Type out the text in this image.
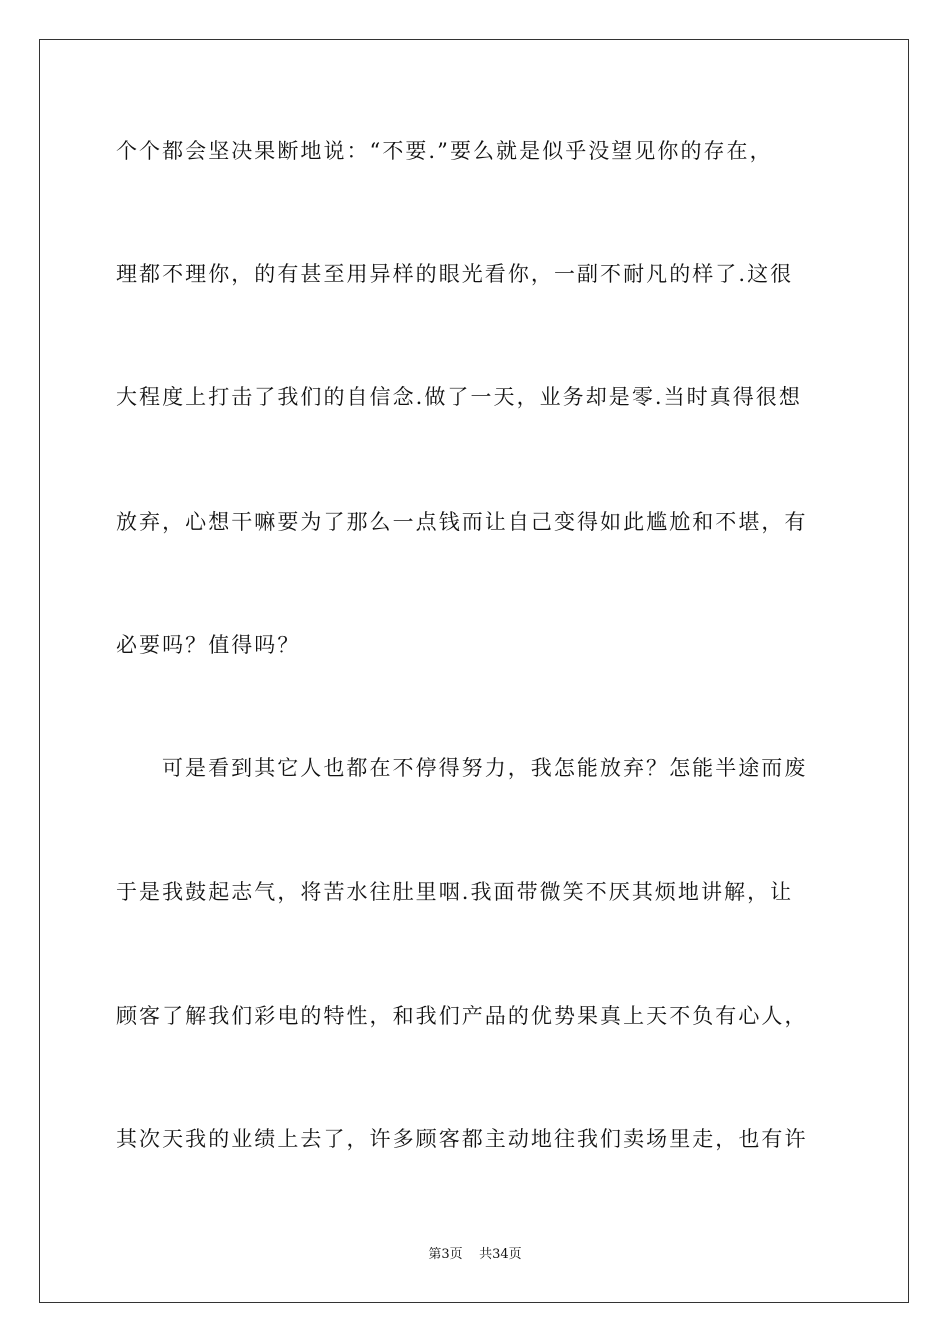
个个都会坚决果断地说：“不要.”要么就是似乎没望见你的存在，
理都不理你，的有甚至用异样的眼光看你，一副不耐凡的样了.这很
大程度上打击了我们的自信念.做了一天，业务却是零.当时真得很想
放弃，心想干嘛要为了那么一点钱而让自己变得如此尴尬和不堪，有
必要吗？值得吗？
可是看到其它人也都在不停得努力，我怎能放弃？怎能半途而废
于是我鼓起志气，将苦水往肚里咽.我面带微笑不厌其烦地讲解，让
顾客了解我们彩电的特性，和我们产品的优势果真上天不负有心人，
其次天我的业绩上去了，许多顾客都主动地往我们卖场里走，也有许
第3页 共34页
